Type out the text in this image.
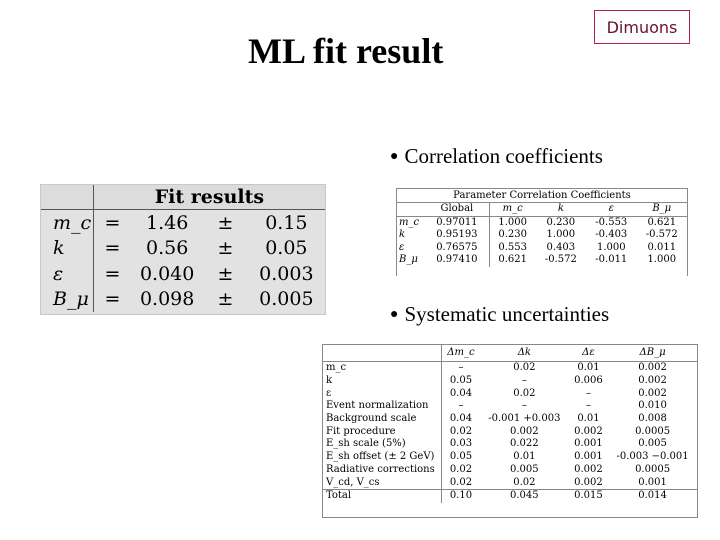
ML fit result
Dimuons
● Correlation coefficients
● Systematic uncertainties
	Fit results			
m_c	=	1.46	±	0.15
k	=	0.56	±	0.05
ε	=	0.040	±	0.003
B_μ	=	0.098	±	0.005
Parameter Correlation Coefficients					
	Global	m_c	k	ε	B_μ
m_c	0.97011	1.000	0.230	-0.553	0.621
k	0.95193	0.230	1.000	-0.403	-0.572
ε	0.76575	0.553	0.403	1.000	0.011
B_μ	0.97410	0.621	-0.572	-0.011	1.000
	Δm_c	Δk	Δε	ΔB_μ
m_c	–	0.02	0.01	0.002
k	0.05	–	0.006	0.002
ε	0.04	0.02	–	0.002
Event normalization	–	–	–	0.010
Background scale	0.04	-0.001 +0.003	0.01	0.008
Fit procedure	0.02	0.002	0.002	0.0005
E_sh scale (5%)	0.03	0.022	0.001	0.005
E_sh offset (± 2 GeV)	0.05	0.01	0.001	-0.003 −0.001
Radiative corrections	0.02	0.005	0.002	0.0005
V_cd, V_cs	0.02	0.02	0.002	0.001
Total	0.10	0.045	0.015	0.014
